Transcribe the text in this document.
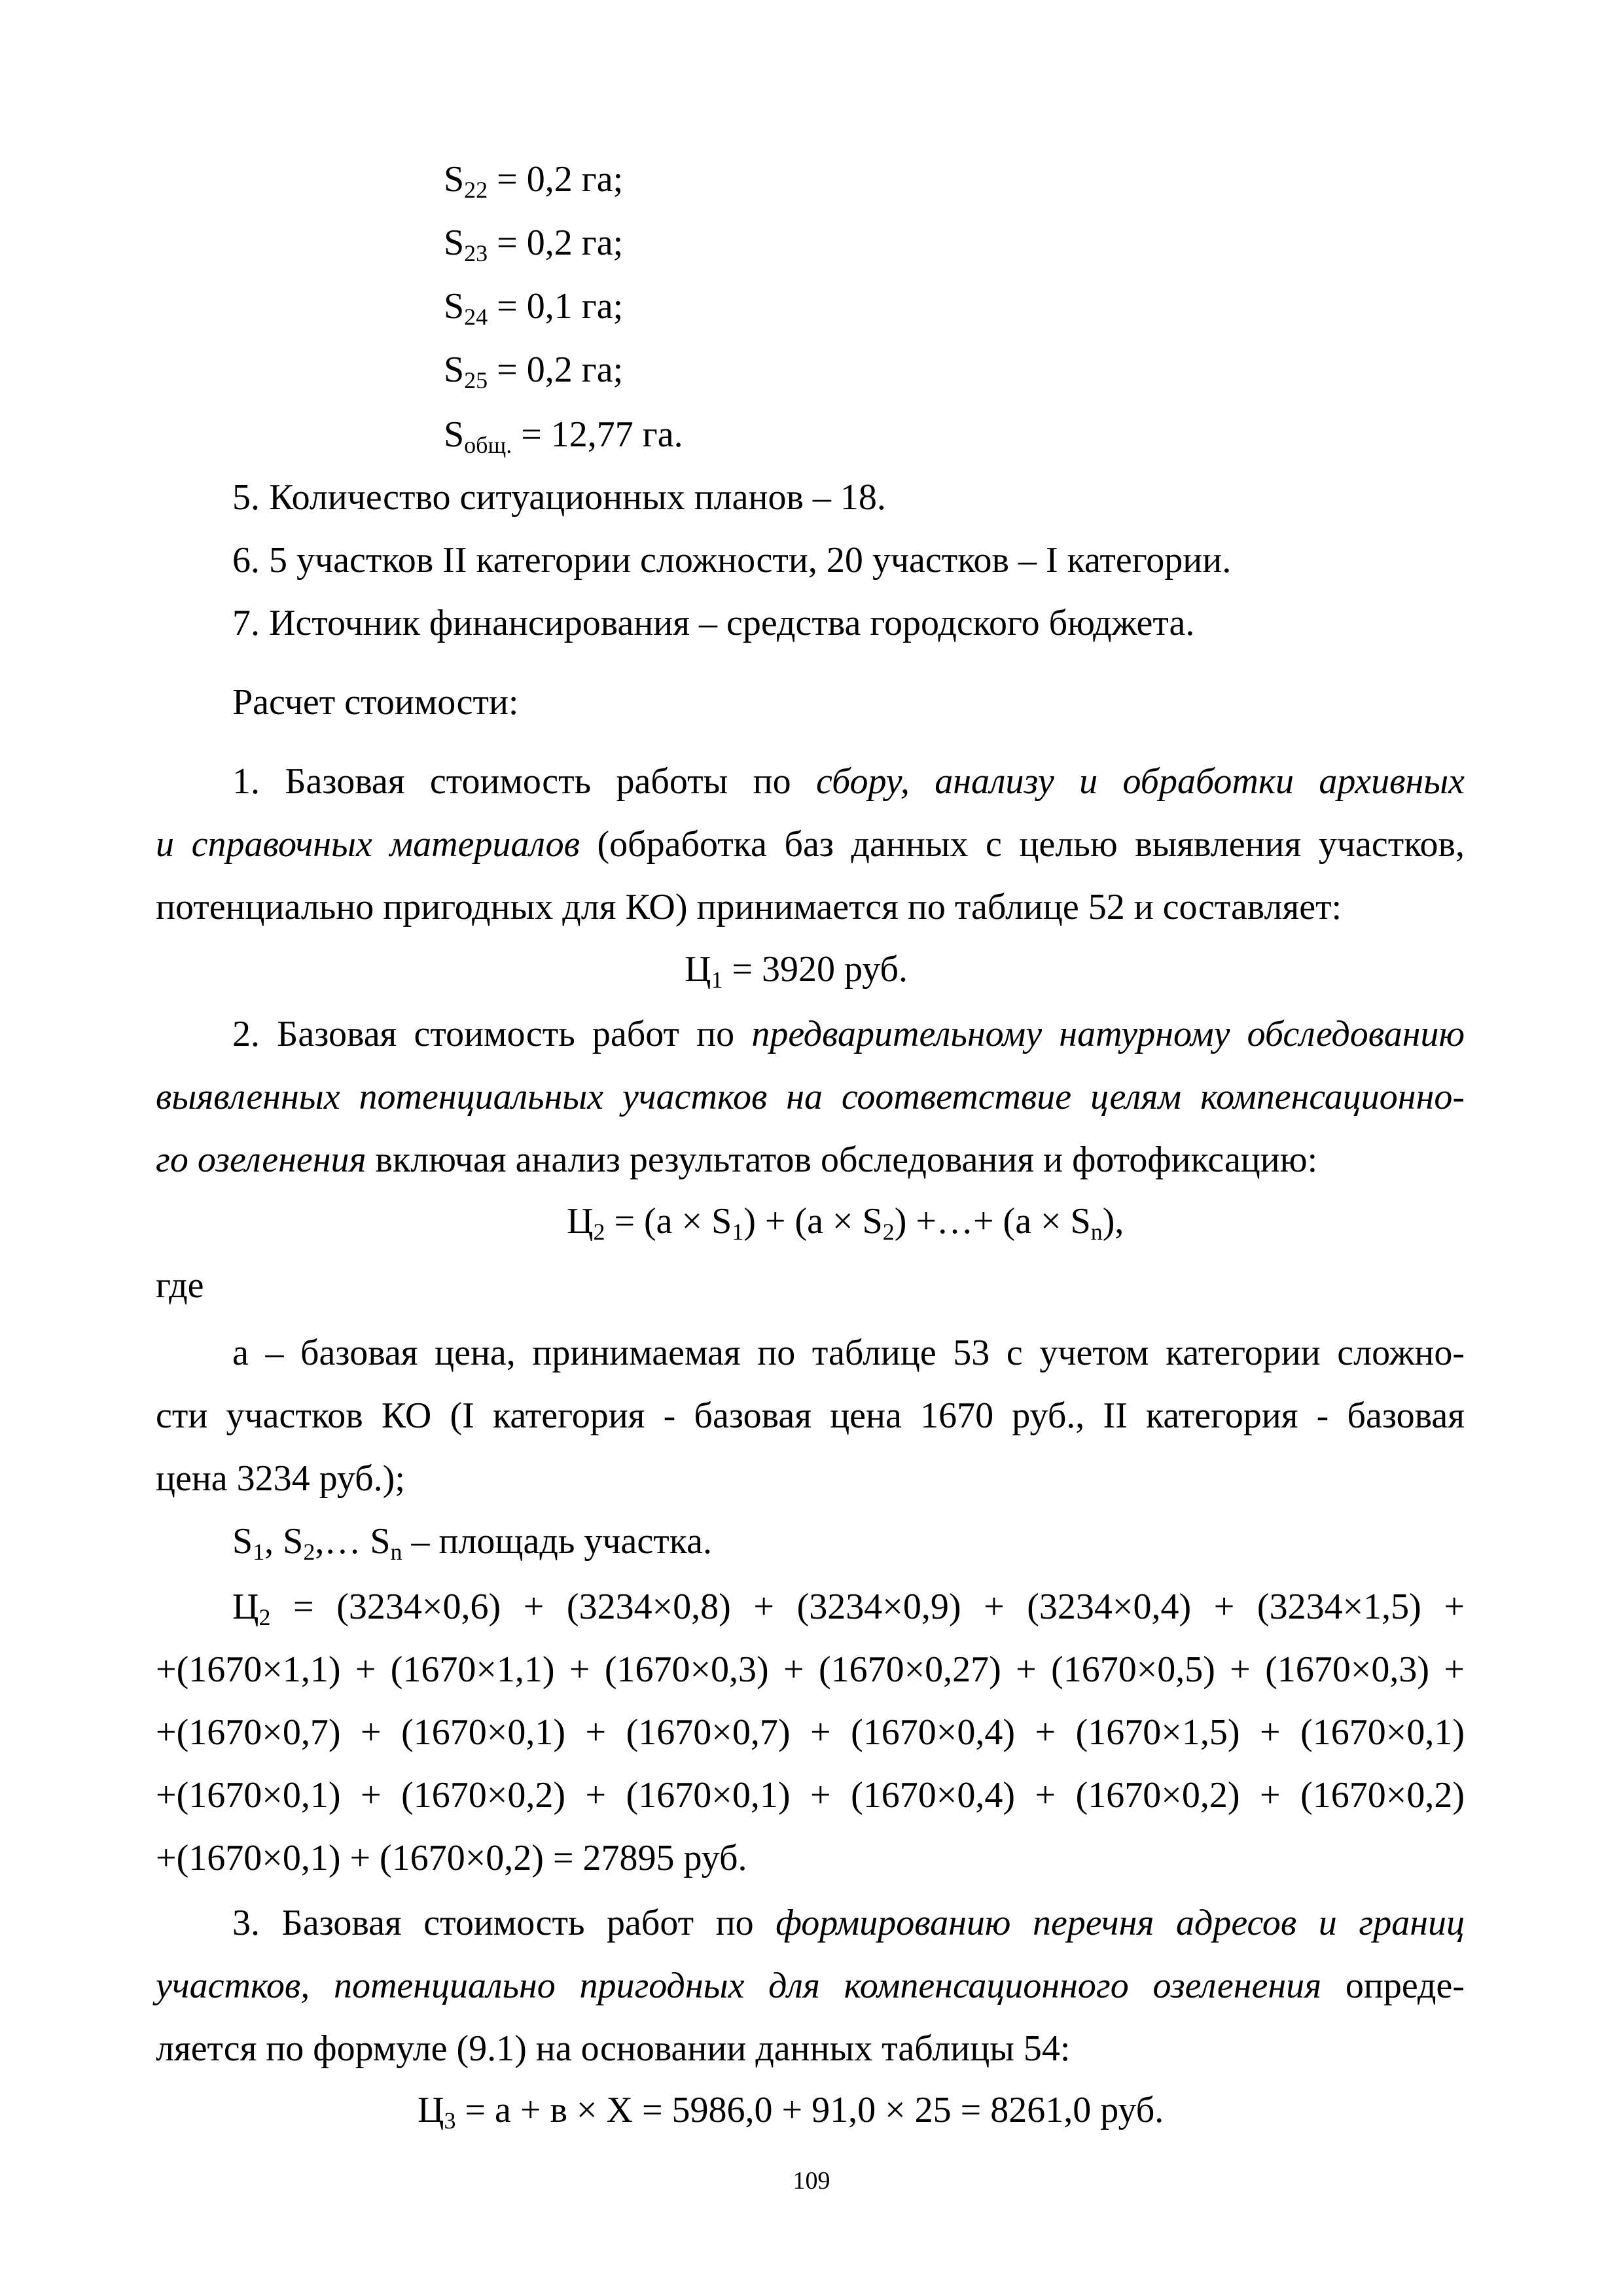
$S_{22} = 0,2$ га;
$S_{23} = 0,2$ га;
$S_{24} = 0,1$ га;
$S_{25} = 0,2$ га;
$S_{общ.} = 12,77$ га.
5. Количество ситуационных планов – 18.
6. 5 участков II категории сложности, 20 участков – I категории.
7. Источник финансирования – средства городского бюджета.
Расчет стоимости:
1. Базовая стоимость работы по сбору, анализу и обработки архивных
и справочных материалов (обработка баз данных с целью выявления участков,
потенциально пригодных для КО) принимается по таблице 52 и составляет:
$Ц_1 = 3920$ руб.
2. Базовая стоимость работ по предварительному натурному обследованию
выявленных потенциальных участков на соответствие целям компенсационно-
го озеленения включая анализ результатов обследования и фотофиксацию:
$Ц_2 = (а \times S_1) + (а \times S_2)$ +…+ $(а \times S_n)$,
где
а – базовая цена, принимаемая по таблице 53 с учетом категории сложно-
сти участков КО (I категория - базовая цена 1670 руб., II категория - базовая
цена 3234 руб.);
$S_1$, $S_2,\dots$ $S_n$ – площадь участка.
$Ц_2 = (3234\times 0,6) + (3234\times 0,8) + (3234\times 0,9) + (3234\times 0,4) + (3234\times 1,5)$ +
+(1670×1,1) + (1670×1,1) + (1670×0,3) + (1670×0,27) + (1670×0,5) + (1670×0,3) +
+(1670×0,7) + (1670×0,1) + (1670×0,7) + (1670×0,4) + (1670×1,5) + (1670×0,1)
+(1670×0,1) + (1670×0,2) + (1670×0,1) + (1670×0,4) + (1670×0,2) + (1670×0,2)
+(1670×0,1) + (1670×0,2) = 27895 руб.
3. Базовая стоимость работ по формированию перечня адресов и границ
участков, потенциально пригодных для компенсационного озеленения опреде-
ляется по формуле (9.1) на основании данных таблицы 54:
$Ц_3 = а + в \times Х = 5986,0 + 91,0 \times 25 = 8261,0$ руб.
109
